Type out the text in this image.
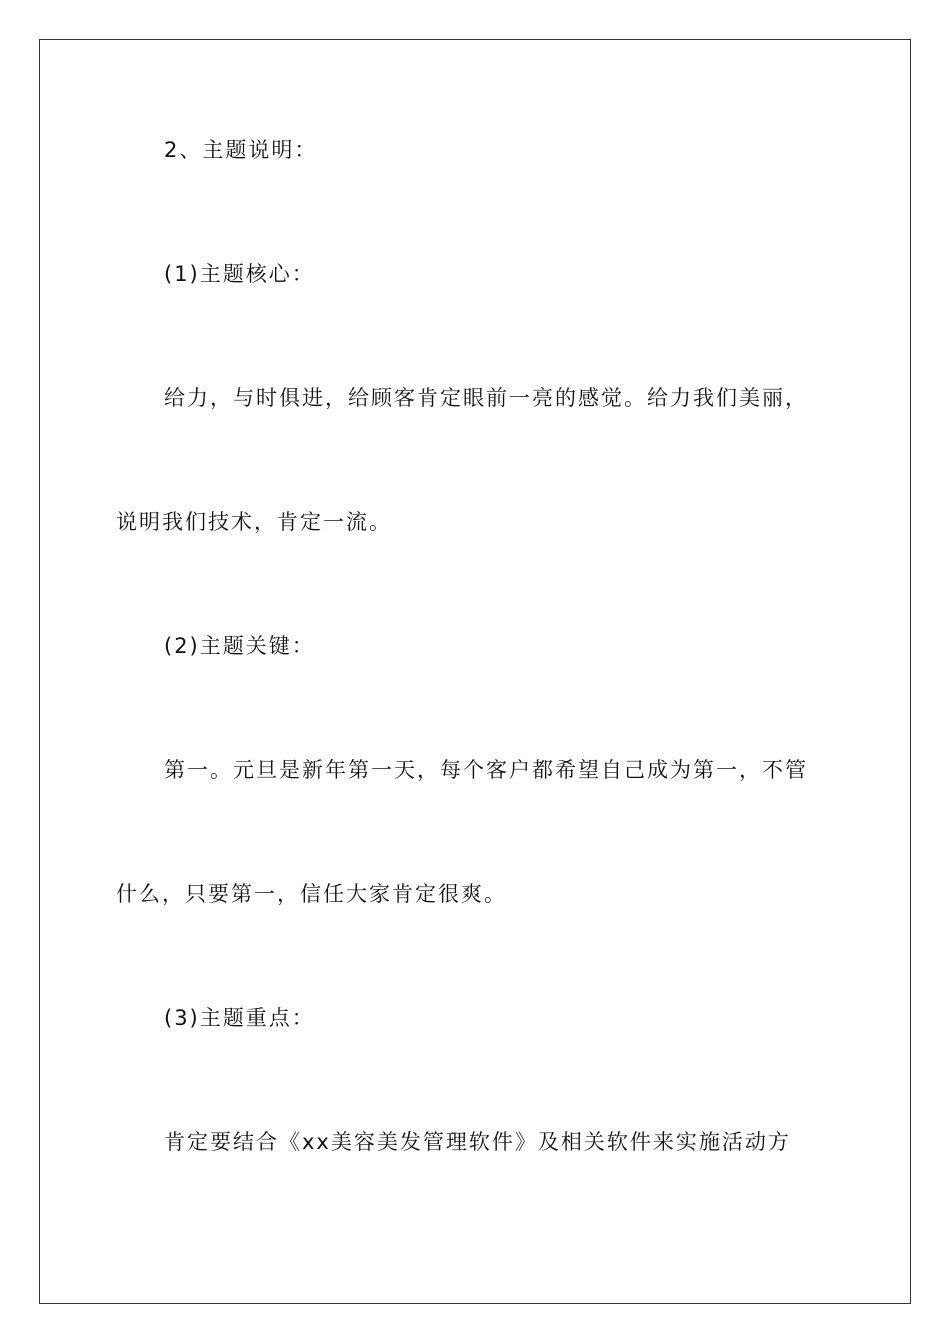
2、主题说明：
(1)主题核心：
给力，与时俱进，给顾客肯定眼前一亮的感觉。给力我们美丽，
说明我们技术，肯定一流。
(2)主题关键：
第一。元旦是新年第一天，每个客户都希望自己成为第一，不管
什么，只要第一，信任大家肯定很爽。
(3)主题重点：
肯定要结合《xx美容美发管理软件》及相关软件来实施活动方
